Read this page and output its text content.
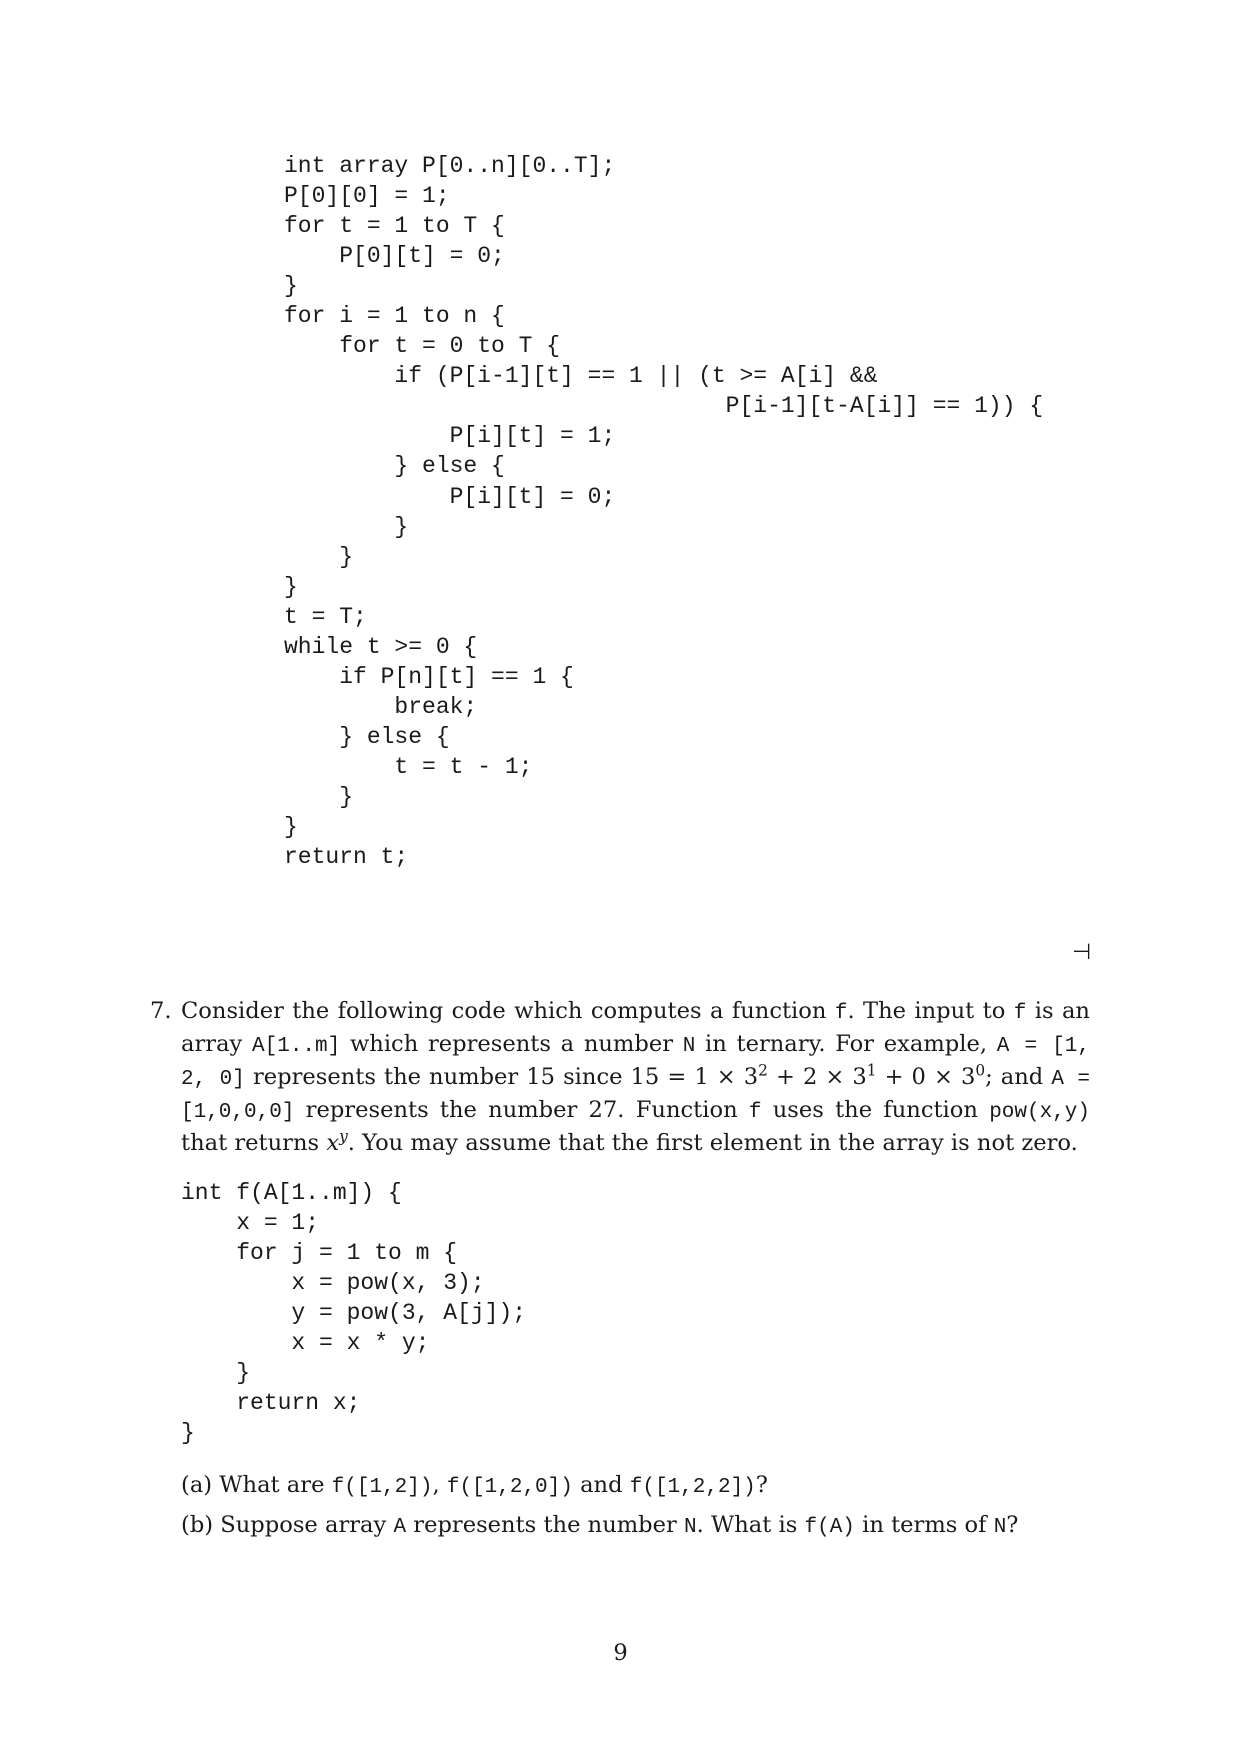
int array P[0..n][0..T];
P[0][0] = 1;
for t = 1 to T {
P[0][t] = 0;
}
for i = 1 to n {
for t = 0 to T {
if (P[i-1][t] == 1 || (t >= A[i] &&
P[i-1][t-A[i]] == 1)) {
P[i][t] = 1;
} else {
P[i][t] = 0;
}
}
}
t = T;
while t >= 0 {
if P[n][t] == 1 {
break;
} else {
t = t - 1;
}
}
return t;
⊣
7. Consider the following code which computes a function f. The input to f is an array A[1..m] which represents a number N in ternary. For example, A = [1, 2, 0] represents the number 15 since $15 = 1 \times 3^2 + 2 \times 3^1 + 0 \times 3^0$; and A = [1,0,0,0] represents the number 27. Function f uses the function pow(x,y) that returns $x^y$. You may assume that the first element in the array is not zero.
int f(A[1..m]) {
x = 1;
for j = 1 to m {
x = pow(x, 3);
y = pow(3, A[j]);
x = x * y;
}
return x;
}
(a) What are f([1,2]), f([1,2,0]) and f([1,2,2])?
(b) Suppose array A represents the number N. What is f(A) in terms of N?
9
